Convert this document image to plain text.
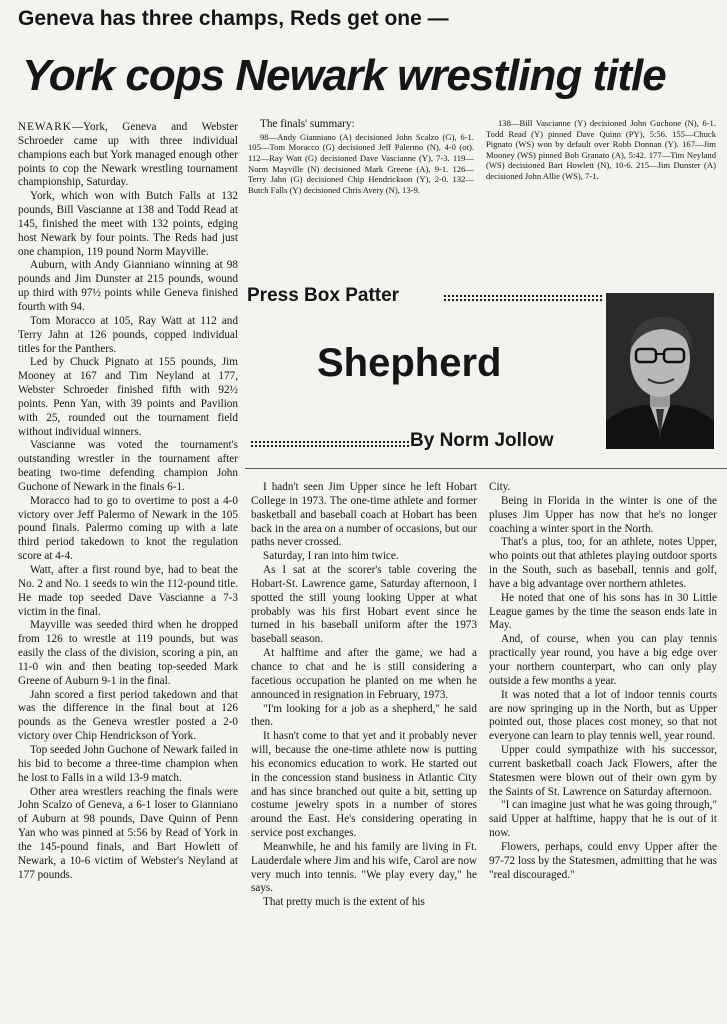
Geneva has three champs, Reds get one —
York cops Newark wrestling title

NEWARK—York, Geneva and Webster Schroeder came up with three individual champions each but York managed enough other points to cop the Newark wrestling tournament championship, Saturday.

York, which won with Butch Falls at 132 pounds, Bill Vascianne at 138 and Todd Read at 145, finished the meet with 132 points, edging host Newark by four points. The Reds had just one champion, 119 pound Norm Mayville.

Auburn, with Andy Gianniano winning at 98 pounds and Jim Dunster at 215 pounds, wound up third with 97½ points while Geneva finished fourth with 94.

Tom Moracco at 105, Ray Watt at 112 and Terry Jahn at 126 pounds, copped individual titles for the Panthers.

Led by Chuck Pignato at 155 pounds, Jim Mooney at 167 and Tim Neyland at 177, Webster Schroeder finished fifth with 92½ points. Penn Yan, with 39 points and Pavilion with 25, rounded out the tournament field without individual winners.

Vascianne was voted the tournament's outstanding wrestler in the tournament after beating two-time defending champion John Guchone of Newark in the finals 6-1.

Moracco had to go to overtime to post a 4-0 victory over Jeff Palermo of Newark in the 105 pound finals. Palermo coming up with a late third period takedown to knot the regulation score at 4-4.

Watt, after a first round bye, had to beat the No. 2 and No. 1 seeds to win the 112-pound title. He made top seeded Dave Vascianne a 7-3 victim in the final.

Mayville was seeded third when he dropped from 126 to wrestle at 119 pounds, but was easily the class of the division, scoring a pin, an 11-0 win and then beating top-seeded Mark Greene of Auburn 9-1 in the final.

Jahn scored a first period takedown and that was the difference in the final bout at 126 pounds as the Geneva wrestler posted a 2-0 victory over Chip Hendrickson of York.

Top seeded John Guchone of Newark failed in his bid to become a three-time champion when he lost to Falls in a wild 13-9 match.

Other area wrestlers reaching the finals were John Scalzo of Geneva, a 6-1 loser to Gianniano of Auburn at 98 pounds, Dave Quinn of Penn Yan who was pinned at 5:56 by Read of York in the 145-pound finals, and Bart Howlett of Newark, a 10-6 victim of Webster's Neyland at 177 pounds.

The finals' summary:

98—Andy Gianniano (A) decisioned John Scalzo (G), 6-1. 105—Tom Moracco (G) decisioned Jeff Palermo (N), 4-0 (ot). 112—Ray Watt (G) decisioned Dave Vascianne (Y), 7-3. 119—Norm Mayville (N) decisioned Mark Greene (A), 9-1. 126—Terry Jahn (G) decisioned Chip Hendrickson (Y), 2-0. 132—Butch Falls (Y) decisioned Chris Avery (N), 13-9.

138—Bill Vascianne (Y) decisioned John Guchone (N), 6-1. Todd Read (Y) pinned Dave Quinn (PY), 5:56. 155—Chuck Pignato (WS) won by default over Robb Donnan (Y). 167—Jim Mooney (WS) pinned Bob Granato (A), 5:42. 177—Tim Neyland (WS) decisioned Bart Howlett (N), 10-6. 215—Jim Dunster (A) decisioned John Allie (WS), 7-1.

Press Box Patter
Shepherd
By Norm Jollow

I hadn't seen Jim Upper since he left Hobart College in 1973. The one-time athlete and former basketball and baseball coach at Hobart has been back in the area on a number of occasions, but our paths never crossed.

Saturday, I ran into him twice.

As I sat at the scorer's table covering the Hobart-St. Lawrence game, Saturday afternoon, I spotted the still young looking Upper at what probably was his first Hobart event since he turned in his baseball uniform after the 1973 baseball season.

At halftime and after the game, we had a chance to chat and he is still considering a facetious occupation he planted on me when he announced in resignation in February, 1973.

"I'm looking for a job as a shepherd," he said then.

It hasn't come to that yet and it probably never will, because the one-time athlete now is putting his economics education to work. He started out in the concession stand business in Atlantic City and has since branched out quite a bit, setting up costume jewelry spots in a number of stores around the East. He's considering operating in service post exchanges.

Meanwhile, he and his family are living in Ft. Lauderdale where Jim and his wife, Carol are now very much into tennis. "We play every day," he says.

That pretty much is the extent of his

City.

Being in Florida in the winter is one of the pluses Jim Upper has now that he's no longer coaching a winter sport in the North.

That's a plus, too, for an athlete, notes Upper, who points out that athletes playing outdoor sports in the South, such as baseball, tennis and golf, have a big advantage over northern athletes.

He noted that one of his sons has in 30 Little League games by the time the season ends late in May.

And, of course, when you can play tennis practically year round, you have a big edge over your northern counterpart, who can only play outside a few months a year.

It was noted that a lot of indoor tennis courts are now springing up in the North, but as Upper pointed out, those places cost money, so that not everyone can learn to play tennis well, year round.

Upper could sympathize with his successor, current basketball coach Jack Flowers, after the Statesmen were blown out of their own gym by the Saints of St. Lawrence on Saturday afternoon.

"I can imagine just what he was going through," said Upper at halftime, happy that he is out of it now.

Flowers, perhaps, could envy Upper after the 97-72 loss by the Statesmen, admitting that he was "real discouraged."
